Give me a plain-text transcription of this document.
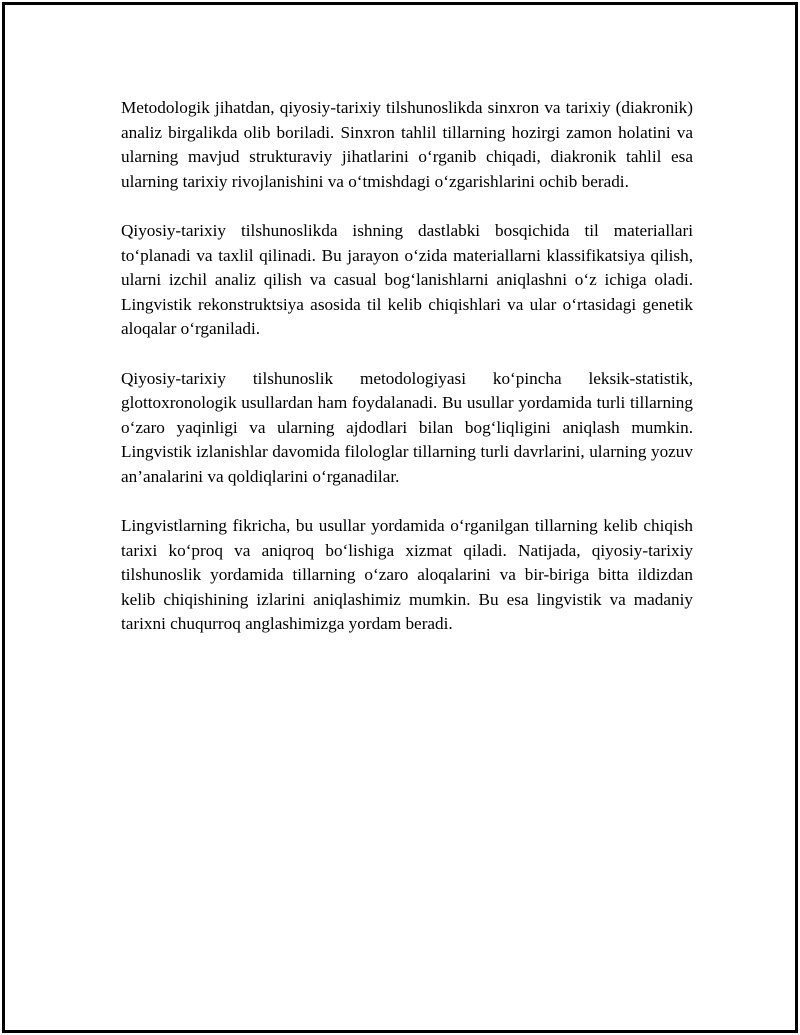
Metodologik jihatdan, qiyosiy-tarixiy tilshunoslikda sinxron va tarixiy (diakronik) analiz birgalikda olib boriladi. Sinxron tahlil tillarning hozirgi zamon holatini va ularning mavjud strukturaviy jihatlarini o‘rganib chiqadi, diakronik tahlil esa ularning tarixiy rivojlanishini va o‘tmishdagi o‘zgarishlarini ochib beradi.

Qiyosiy-tarixiy tilshunoslikda ishning dastlabki bosqichida til materiallari to‘planadi va taxlil qilinadi. Bu jarayon o‘zida materiallarni klassifikatsiya qilish, ularni izchil analiz qilish va casual bog‘lanishlarni aniqlashni o‘z ichiga oladi. Lingvistik rekonstruktsiya asosida til kelib chiqishlari va ular o‘rtasidagi genetik aloqalar o‘rganiladi.

Qiyosiy-tarixiy tilshunoslik metodologiyasi ko‘pincha leksik-statistik, glottoxronologik usullardan ham foydalanadi. Bu usullar yordamida turli tillarning o‘zaro yaqinligi va ularning ajdodlari bilan bog‘liqligini aniqlash mumkin. Lingvistik izlanishlar davomida filologlar tillarning turli davrlarini, ularning yozuv an’analarini va qoldiqlarini o‘rganadilar.

Lingvistlarning fikricha, bu usullar yordamida o‘rganilgan tillarning kelib chiqish tarixi ko‘proq va aniqroq bo‘lishiga xizmat qiladi. Natijada, qiyosiy-tarixiy tilshunoslik yordamida tillarning o‘zaro aloqalarini va bir-biriga bitta ildizdan kelib chiqishining izlarini aniqlashimiz mumkin. Bu esa lingvistik va madaniy tarixni chuqurroq anglashimizga yordam beradi.
